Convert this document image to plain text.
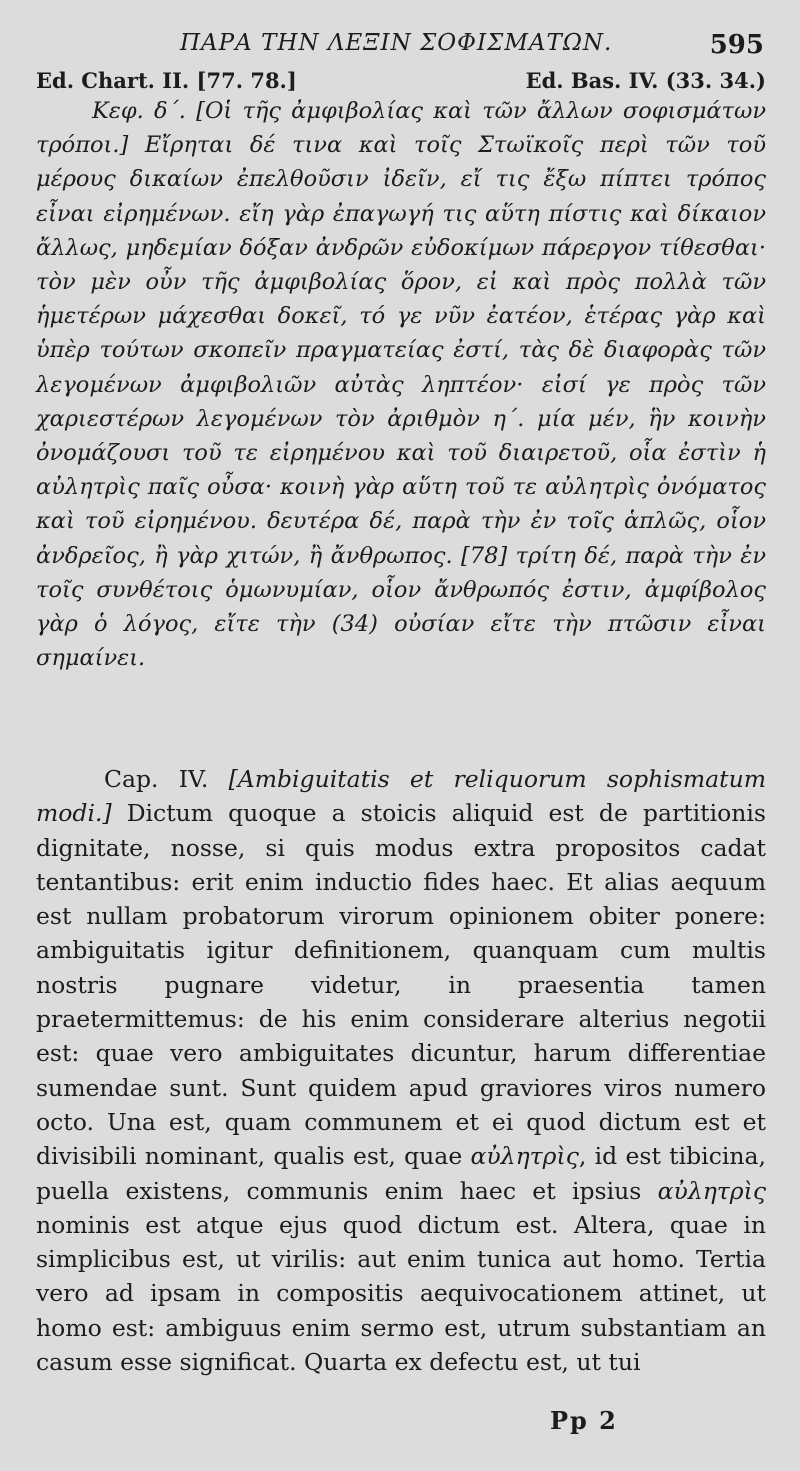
ΠΑΡΑ ΤΗΝ ΛΕΞΙΝ ΣΟΦΙΣΜΑΤΩΝ.	595
Ed. Chart. II. [77. 78.]	Ed. Bas. IV. (33. 34.)

Κεφ. δ΄. [Οἱ τῆς ἀμφιβολίας καὶ τῶν ἄλλων σοφισμάτων τρόποι.] Εἴρηται δέ τινα καὶ τοῖς Στωϊκοῖς περὶ τῶν τοῦ μέρους δικαίων ἐπελθοῦσιν ἰδεῖν, εἴ τις ἔξω πίπτει τρόπος εἶναι εἰρημένων. εἴη γὰρ ἐπαγωγή τις αὕτη πίστις καὶ δίκαιον ἄλλως, μηδεμίαν δόξαν ἀνδρῶν εὐδοκίμων πάρεργον τίθεσθαι· τὸν μὲν οὖν τῆς ἀμφιβολίας ὅρον, εἰ καὶ πρὸς πολλὰ τῶν ἡμετέρων μάχεσθαι δοκεῖ, τό γε νῦν ἐατέον, ἑτέρας γὰρ καὶ ὑπὲρ τούτων σκοπεῖν πραγματείας ἐστί, τὰς δὲ διαφορὰς τῶν λεγομένων ἀμφιβολιῶν αὐτὰς ληπτέον· εἰσί γε πρὸς τῶν χαριεστέρων λεγομένων τὸν ἀριθμὸν η΄. μία μέν, ἣν κοινὴν ὀνομάζουσι τοῦ τε εἰρημένου καὶ τοῦ διαιρετοῦ, οἷα ἐστὶν ἡ αὐλητρὶς παῖς οὖσα· κοινὴ γὰρ αὕτη τοῦ τε αὐλητρὶς ὀνόματος καὶ τοῦ εἰρημένου. δευτέρα δέ, παρὰ τὴν ἐν τοῖς ἁπλῶς, οἷον ἀνδρεῖος, ἢ γὰρ χιτών, ἢ ἄνθρωπος. [78] τρίτη δέ, παρὰ τὴν ἐν τοῖς συνθέτοις ὁμωνυμίαν, οἷον ἄνθρωπός ἐστιν, ἀμφίβολος γὰρ ὁ λόγος, εἴτε τὴν (34) οὐσίαν εἴτε τὴν πτῶσιν εἶναι σημαίνει.

Cap. IV. [Ambiguitatis et reliquorum sophismatum modi.] Dictum quoque a stoicis aliquid est de partitionis dignitate, nosse, si quis modus extra propositos cadat tentantibus: erit enim inductio fides haec. Et alias aequum est nullam probatorum virorum opinionem obiter ponere: ambiguitatis igitur definitionem, quanquam cum multis nostris pugnare videtur, in praesentia tamen praetermittemus: de his enim considerare alterius negotii est: quae vero ambiguitates dicuntur, harum differentiae sumendae sunt. Sunt quidem apud graviores viros numero octo. Una est, quam communem et ei quod dictum est et divisibili nominant, qualis est, quae αὐλητρὶς, id est tibicina, puella existens, communis enim haec et ipsius αὐλητρὶς nominis est atque ejus quod dictum est. Altera, quae in simplicibus est, ut virilis: aut enim tunica aut homo. Tertia vero ad ipsam in compositis aequivocationem attinet, ut homo est: ambiguus enim sermo est, utrum substantiam an casum esse significat. Quarta ex defectu est, ut tui

Pp 2
